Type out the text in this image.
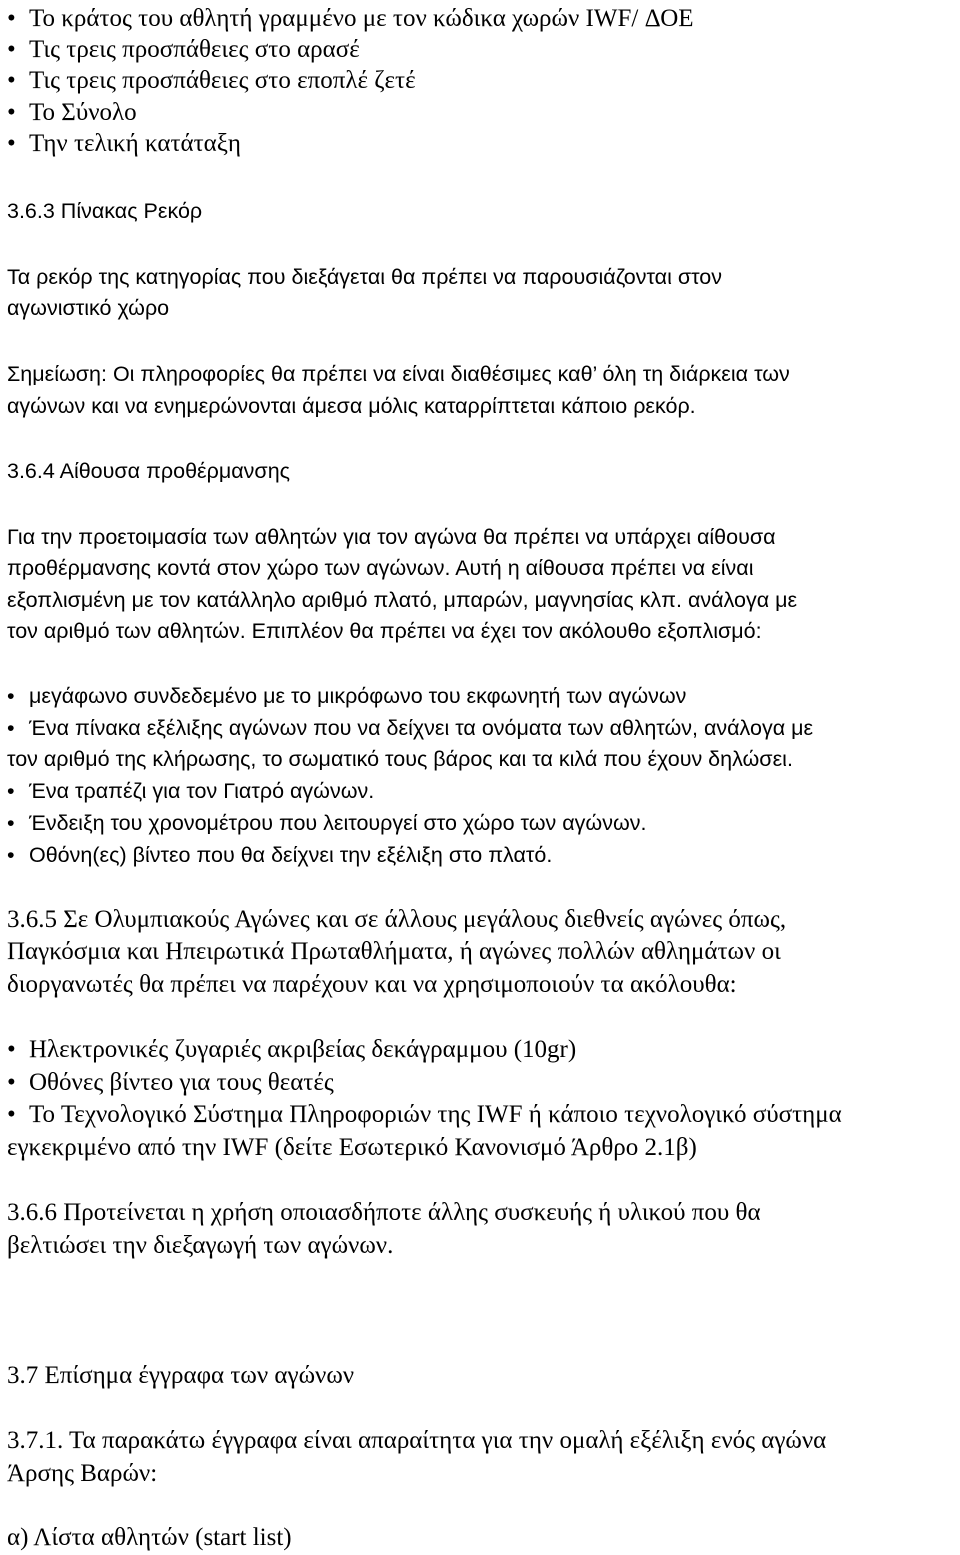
• Το κράτος του αθλητή γραμμένο με τον κώδικα χωρών IWF/ ΔΟΕ
• Τις τρεις προσπάθειες στο αρασέ
• Τις τρεις προσπάθειες στο εποπλέ ζετέ
• Το Σύνολο
• Την τελική κατάταξη
3.6.3 Πίνακας Ρεκόρ
Τα ρεκόρ της κατηγορίας που διεξάγεται θα πρέπει να παρουσιάζονται στον
αγωνιστικό χώρο
Σημείωση: Οι πληροφορίες θα πρέπει να είναι διαθέσιμες καθ’ όλη τη διάρκεια των
αγώνων και να ενημερώνονται άμεσα μόλις καταρρίπτεται κάποιο ρεκόρ.
3.6.4 Αίθουσα προθέρμανσης
Για την προετοιμασία των αθλητών για τον αγώνα θα πρέπει να υπάρχει αίθουσα
προθέρμανσης κοντά στον χώρο των αγώνων. Αυτή η αίθουσα πρέπει να είναι
εξοπλισμένη με τον κατάλληλο αριθμό πλατό, μπαρών, μαγνησίας κλπ. ανάλογα με
τον αριθμό των αθλητών. Επιπλέον θα πρέπει να έχει τον ακόλουθο εξοπλισμό:
• μεγάφωνο συνδεδεμένο με το μικρόφωνο του εκφωνητή των αγώνων
• Ένα πίνακα εξέλιξης αγώνων που να δείχνει τα ονόματα των αθλητών, ανάλογα με
τον αριθμό της κλήρωσης, το σωματικό τους βάρος και τα κιλά που έχουν δηλώσει.
• Ένα τραπέζι για τον Γιατρό αγώνων.
• Ένδειξη του χρονομέτρου που λειτουργεί στο χώρο των αγώνων.
• Οθόνη(ες) βίντεο που θα δείχνει την εξέλιξη στο πλατό.
3.6.5 Σε Ολυμπιακούς Αγώνες και σε άλλους μεγάλους διεθνείς αγώνες όπως,
Παγκόσμια και Ηπειρωτικά Πρωταθλήματα, ή αγώνες πολλών αθλημάτων οι
διοργανωτές θα πρέπει να παρέχουν και να χρησιμοποιούν τα ακόλουθα:
• Ηλεκτρονικές ζυγαριές ακριβείας δεκάγραμμου (10gr)
• Οθόνες βίντεο για τους θεατές
• Το Τεχνολογικό Σύστημα Πληροφοριών της IWF ή κάποιο τεχνολογικό σύστημα
εγκεκριμένο από την IWF (δείτε Εσωτερικό Κανονισμό Άρθρο 2.1β)
3.6.6 Προτείνεται η χρήση οποιασδήποτε άλλης συσκευής ή υλικού που θα
βελτιώσει την διεξαγωγή των αγώνων.
3.7 Επίσημα έγγραφα των αγώνων
3.7.1. Τα παρακάτω έγγραφα είναι απαραίτητα για την ομαλή εξέλιξη ενός αγώνα
Άρσης Βαρών:
α) Λίστα αθλητών (start list)
